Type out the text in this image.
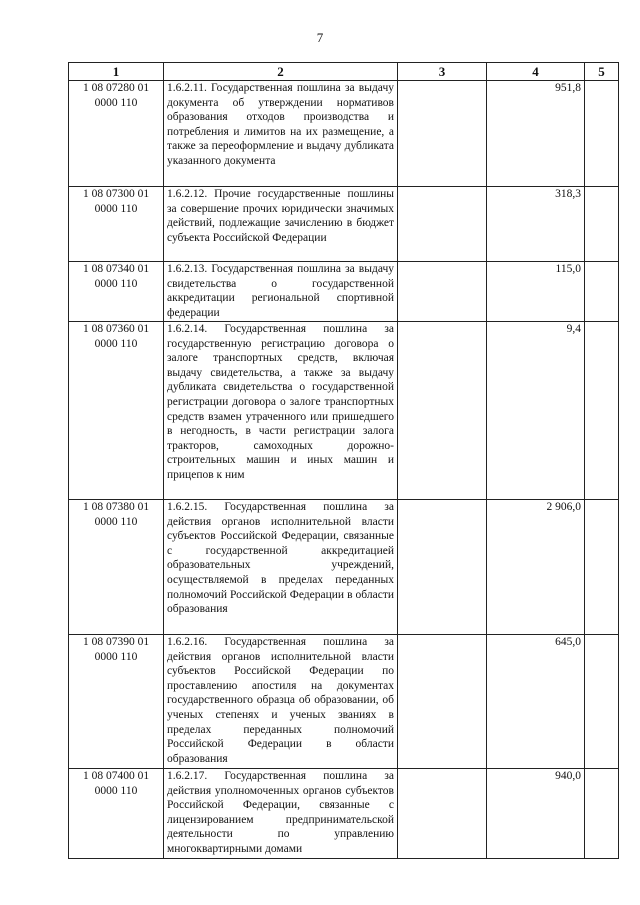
7
1	2	3	4	5
1 08 07280 01 0000 110	1.6.2.11. Государственная пошлина за выдачу документа об утверждении нормативов образования отходов производства и потребления и лимитов на их размещение, а также за переоформление и выдачу дубликата указанного документа		951,8	
1 08 07300 01 0000 110	1.6.2.12. Прочие государственные пошлины за совершение прочих юридически значимых действий, подлежащие зачислению в бюджет субъекта Российской Федерации		318,3	
1 08 07340 01 0000 110	1.6.2.13. Государственная пошлина за выдачу свидетельства о государственной аккредитации региональной спортивной федерации		115,0	
1 08 07360 01 0000 110	1.6.2.14. Государственная пошлина за государственную регистрацию договора о залоге транспортных средств, включая выдачу свидетельства, а также за выдачу дубликата свидетельства о государственной регистрации договора о залоге транспортных средств взамен утраченного или пришедшего в негодность, в части регистрации залога тракторов, самоходных дорожно-строительных машин и иных машин и прицепов к ним		9,4	
1 08 07380 01 0000 110	1.6.2.15. Государственная пошлина за действия органов исполнительной власти субъектов Российской Федерации, связанные с государственной аккредитацией образовательных учреждений, осуществляемой в пределах переданных полномочий Российской Федерации в области образования		2 906,0	
1 08 07390 01 0000 110	1.6.2.16. Государственная пошлина за действия органов исполнительной власти субъектов Российской Федерации по проставлению апостиля на документах государственного образца об образовании, об ученых степенях и ученых званиях в пределах переданных полномочий Российской Федерации в области образования		645,0	
1 08 07400 01 0000 110	1.6.2.17. Государственная пошлина за действия уполномоченных органов субъектов Российской Федерации, связанные с лицензированием предпринимательской деятельности по управлению многоквартирными домами		940,0	
